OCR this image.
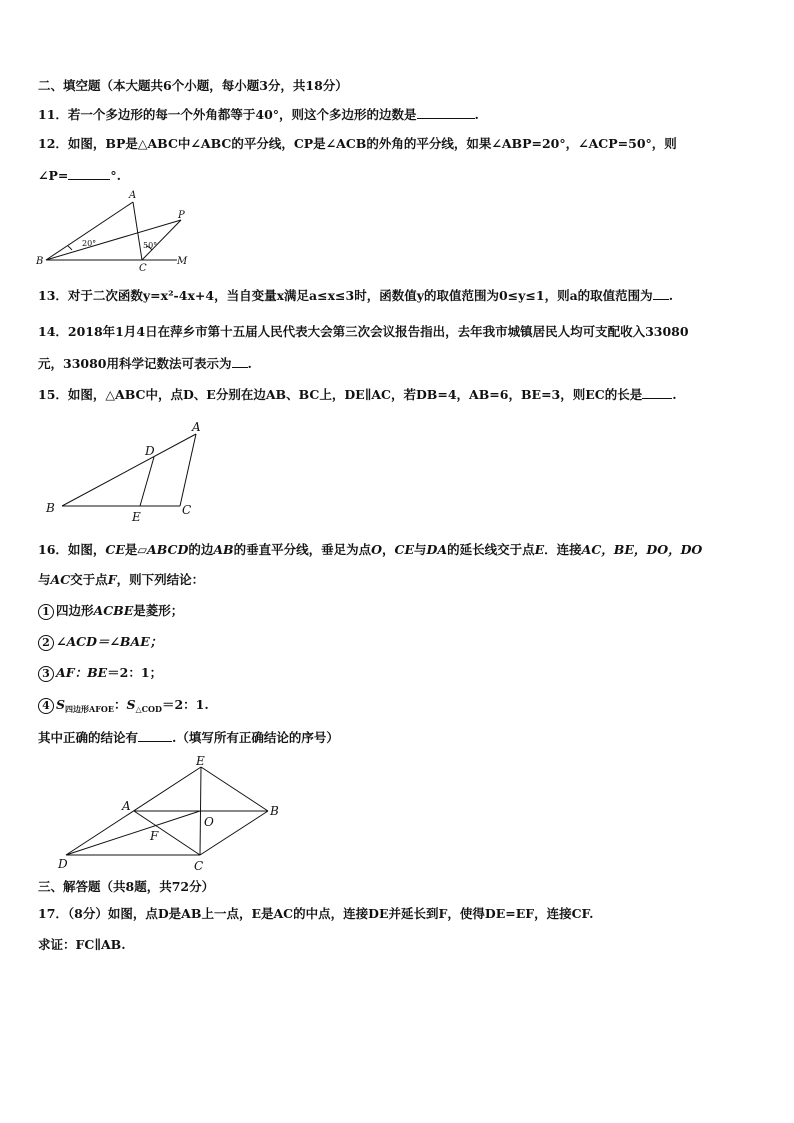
二、填空题（本大题共6个小题，每小题3分，共18分）
11．若一个多边形的每一个外角都等于40°，则这个多边形的边数是	.
12．如图，BP是△ABC中∠ABC的平分线，CP是∠ACB的外角的平分线，如果∠ABP=20°，∠ACP=50°，则
∠P=	°.
A
B
C
P
M
20°	50°
13．对于二次函数y=x²-4x+4，当自变量x满足a≤x≤3时，函数值y的取值范围为0≤y≤1，则a的取值范围为 .
14．2018年1月4日在萍乡市第十五届人民代表大会第三次会议报告指出，去年我市城镇居民人均可支配收入33080
元，33080用科学记数法可表示为 .
15．如图，△ABC中，点D、E分别在边AB、BC上，DE∥AC，若DB=4，AB=6，BE=3，则EC的长是 .
A
B	C
D
E
16．如图，CE是▱ABCD的边AB的垂直平分线，垂足为点O，CE与DA的延长线交于点E．连接AC，BE，DO，DO
与AC交于点F，则下列结论：
1 四边形ACBE是菱形；
2 ∠ACD＝∠BAE；
3 AF：BE＝2：1；
4 $S_{四边形AFOE}$：$S_{\triangle COD}=2$：1.
其中正确的结论有	.（填写所有正确结论的序号）
A	B
C
D
E
F
O
三、解答题（共8题，共72分）
17．（8分）如图，点D是AB上一点，E是AC的中点，连接DE并延长到F，使得DE=EF，连接CF.
求证：FC∥AB.
